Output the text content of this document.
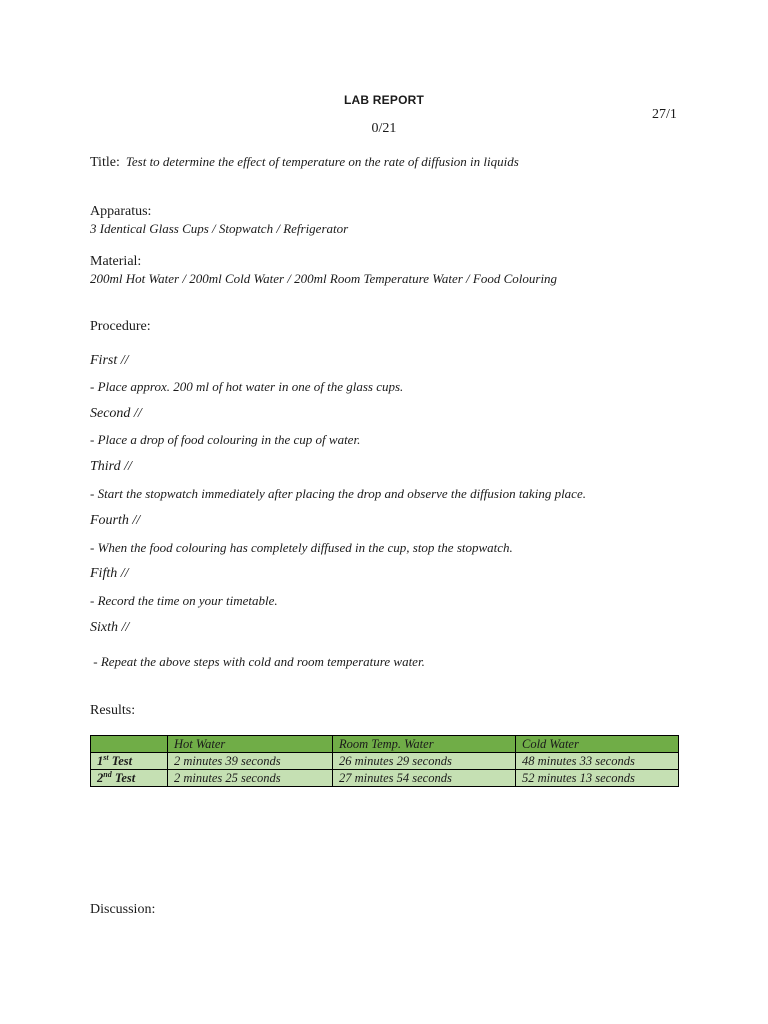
LAB REPORT
27/1
0/21
Title: Test to determine the effect of temperature on the rate of diffusion in liquids
Apparatus:
3 Identical Glass Cups / Stopwatch / Refrigerator
Material:
200ml Hot Water / 200ml Cold Water / 200ml Room Temperature Water / Food Colouring
Procedure:
First //
- Place approx. 200 ml of hot water in one of the glass cups.
Second //
- Place a drop of food colouring in the cup of water.
Third //
- Start the stopwatch immediately after placing the drop and observe the diffusion taking place.
Fourth //
- When the food colouring has completely diffused in the cup, stop the stopwatch.
Fifth //
- Record the time on your timetable.
Sixth //
- Repeat the above steps with cold and room temperature water.
Results:
	Hot Water	Room Temp. Water	Cold Water
1st Test	2 minutes 39 seconds	26 minutes 29 seconds	48 minutes 33 seconds
2nd Test	2 minutes 25 seconds	27 minutes 54 seconds	52 minutes 13 seconds
Discussion:
